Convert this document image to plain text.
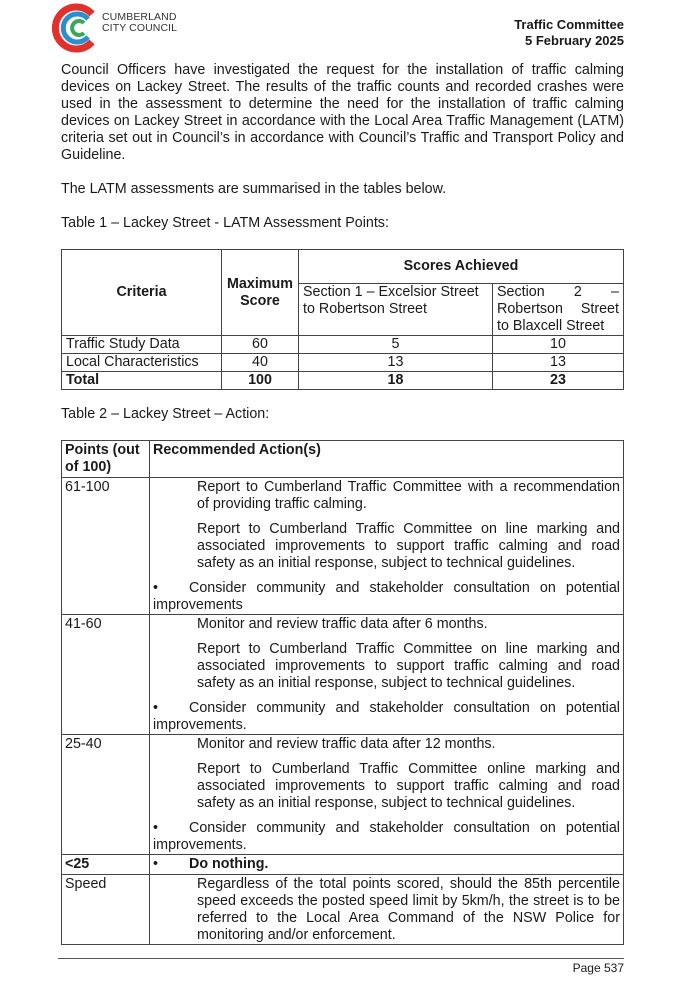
CUMBERLAND
CITY COUNCIL	Traffic Committee
5 February 2025

Council Officers have investigated the request for the installation of traffic calming devices on Lackey Street. The results of the traffic counts and recorded crashes were used in the assessment to determine the need for the installation of traffic calming devices on Lackey Street in accordance with the Local Area Traffic Management (LATM) criteria set out in Council’s in accordance with Council’s Traffic and Transport Policy and Guideline.

The LATM assessments are summarised in the tables below.

Table 1 – Lackey Street - LATM Assessment Points:

Criteria	Maximum Score	Scores Achieved	
		Section 1 – Excelsior Street to Robertson Street	Section 2 – Robertson Street to Blaxcell Street
Traffic Study Data	60	5	10
Local Characteristics	40	13	13
Total	100	18	23

Table 2 – Lackey Street – Action:

Points (out of 100)	Recommended Action(s)
61-100	Report to Cumberland Traffic Committee with a recommendation of providing traffic calming.
Report to Cumberland Traffic Committee on line marking and associated improvements to support traffic calming and road safety as an initial response, subject to technical guidelines.
• Consider community and stakeholder consultation on potential
improvements

41-60	Monitor and review traffic data after 6 months.
Report to Cumberland Traffic Committee on line marking and associated improvements to support traffic calming and road safety as an initial response, subject to technical guidelines.
• Consider community and stakeholder consultation on potential
improvements.

25-40	Monitor and review traffic data after 12 months.
Report to Cumberland Traffic Committee online marking and associated improvements to support traffic calming and road safety as an initial response, subject to technical guidelines.
• Consider community and stakeholder consultation on potential
improvements.

<25	• Do nothing.

Speed	Regardless of the total points scored, should the 85th percentile speed exceeds the posted speed limit by 5km/h, the street is to be referred to the Local Area Command of the NSW Police for monitoring and/or enforcement.
Page 537
